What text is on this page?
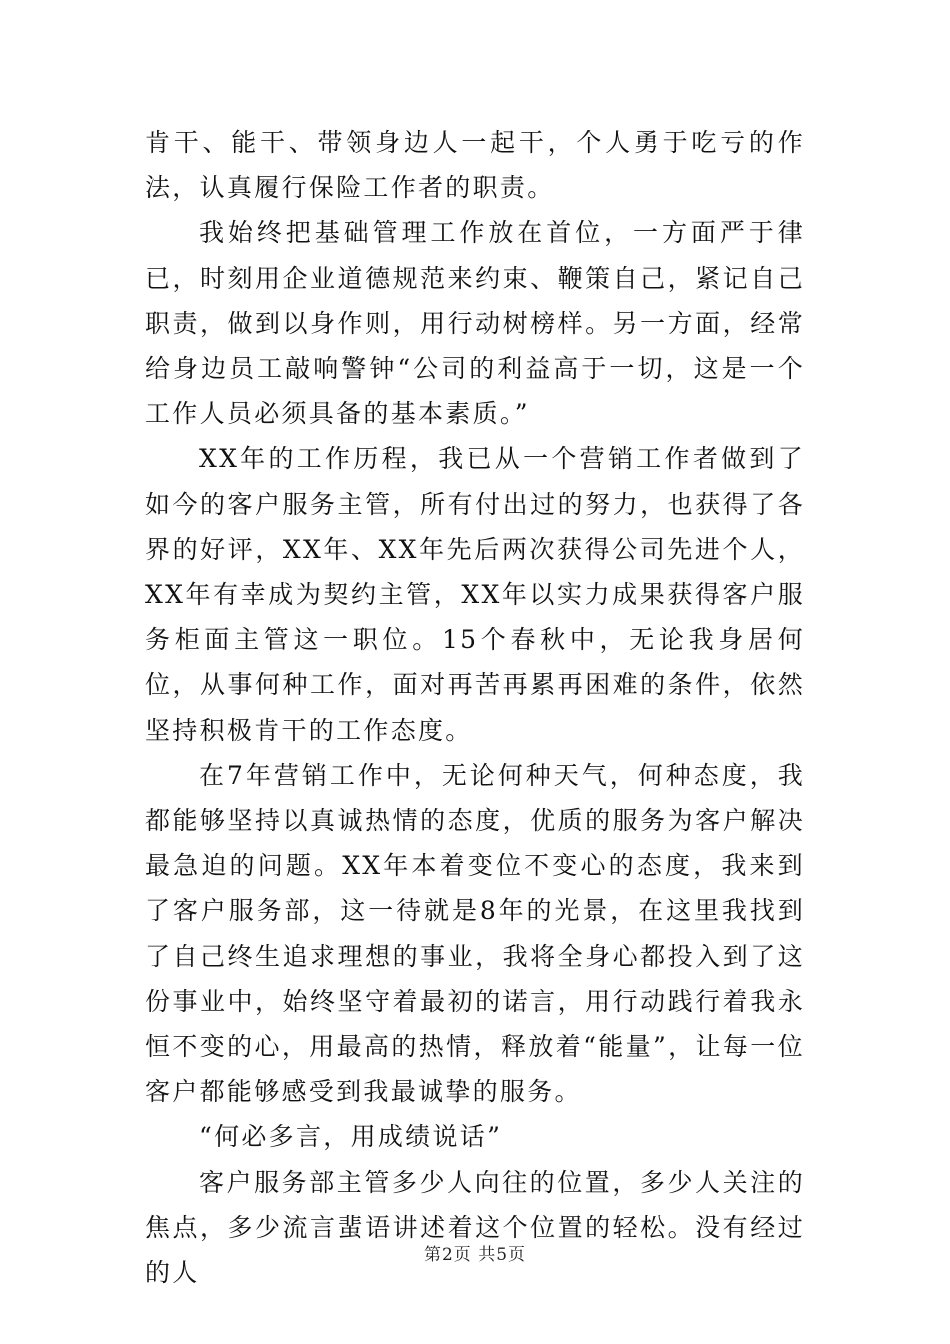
肯干、能干、带领身边人一起干，个人勇于吃亏的作法，认真履行保险工作者的职责。

我始终把基础管理工作放在首位，一方面严于律已，时刻用企业道德规范来约束、鞭策自己，紧记自己职责，做到以身作则，用行动树榜样。另一方面，经常给身边员工敲响警钟“公司的利益高于一切，这是一个工作人员必须具备的基本素质。”

XX年的工作历程，我已从一个营销工作者做到了如今的客户服务主管，所有付出过的努力，也获得了各界的好评，XX年、XX年先后两次获得公司先进个人，XX年有幸成为契约主管，XX年以实力成果获得客户服务柜面主管这一职位。15个春秋中，无论我身居何位，从事何种工作，面对再苦再累再困难的条件，依然坚持积极肯干的工作态度。

在7年营销工作中，无论何种天气，何种态度，我都能够坚持以真诚热情的态度，优质的服务为客户解决最急迫的问题。XX年本着变位不变心的态度，我来到了客户服务部，这一待就是8年的光景，在这里我找到了自己终生追求理想的事业，我将全身心都投入到了这份事业中，始终坚守着最初的诺言，用行动践行着我永恒不变的心，用最高的热情，释放着“能量”，让每一位客户都能够感受到我最诚挚的服务。

“何必多言，用成绩说话”

客户服务部主管多少人向往的位置，多少人关注的焦点，多少流言蜚语讲述着这个位置的轻松。没有经过的人

第2页 共5页
